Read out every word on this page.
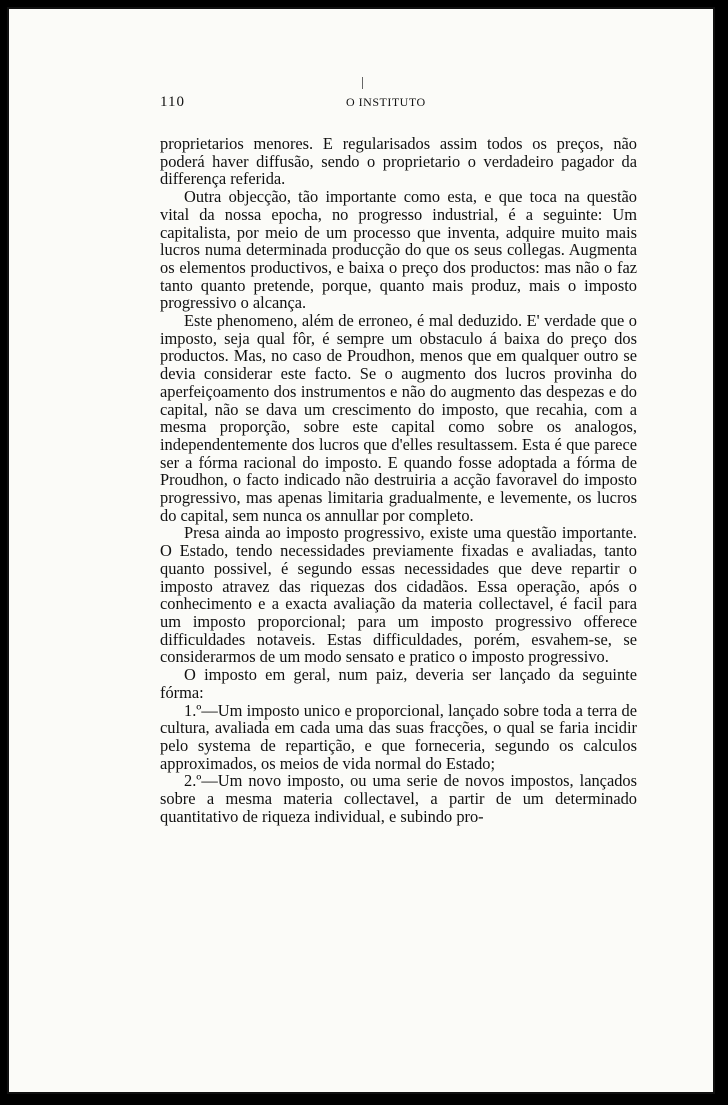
110	O INSTITUTO

proprietarios menores. E regularisados assim todos os preços, não poderá haver diffusão, sendo o proprietario o verdadeiro pagador da differença referida.

Outra objecção, tão importante como esta, e que toca na questão vital da nossa epocha, no progresso industrial, é a seguinte: Um capitalista, por meio de um processo que inventa, adquire muito mais lucros numa determinada producção do que os seus collegas. Augmenta os elementos productivos, e baixa o preço dos productos: mas não o faz tanto quanto pretende, porque, quanto mais produz, mais o imposto progressivo o alcança.

Este phenomeno, além de erroneo, é mal deduzido. E' verdade que o imposto, seja qual fôr, é sempre um obstaculo á baixa do preço dos productos. Mas, no caso de Proudhon, menos que em qualquer outro se devia considerar este facto. Se o augmento dos lucros provinha do aperfeiçoamento dos instrumentos e não do augmento das despezas e do capital, não se dava um crescimento do imposto, que recahia, com a mesma proporção, sobre este capital como sobre os analogos, independentemente dos lucros que d'elles resultassem. Esta é que parece ser a fórma racional do imposto. E quando fosse adoptada a fórma de Proudhon, o facto indicado não destruiria a acção favoravel do imposto progressivo, mas apenas limitaria gradualmente, e levemente, os lucros do capital, sem nunca os annullar por completo.

Presa ainda ao imposto progressivo, existe uma questão importante. O Estado, tendo necessidades previamente fixadas e avaliadas, tanto quanto possivel, é segundo essas necessidades que deve repartir o imposto atravez das riquezas dos cidadãos. Essa operação, após o conhecimento e a exacta avaliação da materia collectavel, é facil para um imposto proporcional; para um imposto progressivo offerece difficuldades notaveis. Estas difficuldades, porém, esvahem-se, se considerarmos de um modo sensato e pratico o imposto progressivo.

O imposto em geral, num paiz, deveria ser lançado da seguinte fórma:

1.º—Um imposto unico e proporcional, lançado sobre toda a terra de cultura, avaliada em cada uma das suas fracções, o qual se faria incidir pelo systema de repartição, e que forneceria, segundo os calculos approximados, os meios de vida normal do Estado;

2.º—Um novo imposto, ou uma serie de novos impostos, lançados sobre a mesma materia collectavel, a partir de um determinado quantitativo de riqueza individual, e subindo pro-
